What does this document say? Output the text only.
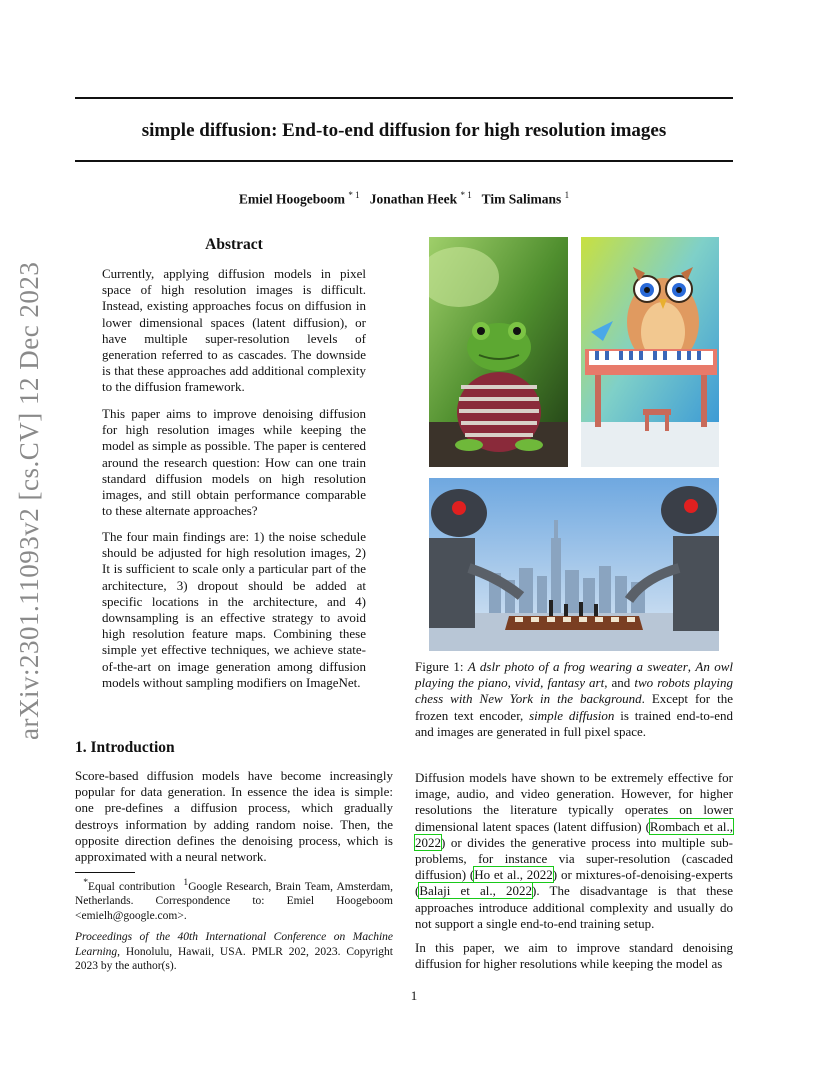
simple diffusion: End-to-end diffusion for high resolution images
Emiel Hoogeboom $^{* 1}$ Jonathan Heek $^{* 1}$ Tim Salimans $^1$
arXiv:2301.11093v2 [cs.CV] 12 Dec 2023
Abstract
Currently, applying diffusion models in pixel space of high resolution images is difficult. Instead, existing approaches focus on diffusion in lower dimensional spaces (latent diffusion), or have multiple super-resolution levels of generation referred to as cascades. The downside is that these approaches add additional complexity to the diffusion framework.
This paper aims to improve denoising diffusion for high resolution images while keeping the model as simple as possible. The paper is centered around the research question: How can one train standard diffusion models on high resolution images, and still obtain performance comparable to these alternate approaches?
The four main findings are: 1) the noise schedule should be adjusted for high resolution images, 2) It is sufficient to scale only a particular part of the architecture, 3) dropout should be added at specific locations in the architecture, and 4) downsampling is an effective strategy to avoid high resolution feature maps. Combining these simple yet effective techniques, we achieve state-of-the-art on image generation among diffusion models without sampling modifiers on ImageNet.
Figure 1: A dslr photo of a frog wearing a sweater, An owl playing the piano, vivid, fantasy art, and two robots playing chess with New York in the background. Except for the frozen text encoder, simple diffusion is trained end-to-end and images are generated in full pixel space.
1. Introduction
Score-based diffusion models have become increasingly popular for data generation. In essence the idea is simple: one pre-defines a diffusion process, which gradually destroys information by adding random noise. Then, the opposite direction defines the denoising process, which is approximated with a neural network.
*Equal contribution $^1$Google Research, Brain Team, Amsterdam, Netherlands. Correspondence to: Emiel Hoogeboom <emielh@google.com>.
Proceedings of the 40th International Conference on Machine Learning, Honolulu, Hawaii, USA. PMLR 202, 2023. Copyright 2023 by the author(s).
Diffusion models have shown to be extremely effective for image, audio, and video generation. However, for higher resolutions the literature typically operates on lower dimensional latent spaces (latent diffusion) (Rombach et al., 2022) or divides the generative process into multiple sub-problems, for instance via super-resolution (cascaded diffusion) (Ho et al., 2022) or mixtures-of-denoising-experts (Balaji et al., 2022). The disadvantage is that these approaches introduce additional complexity and usually do not support a single end-to-end training setup.
In this paper, we aim to improve standard denoising diffusion for higher resolutions while keeping the model as
1
